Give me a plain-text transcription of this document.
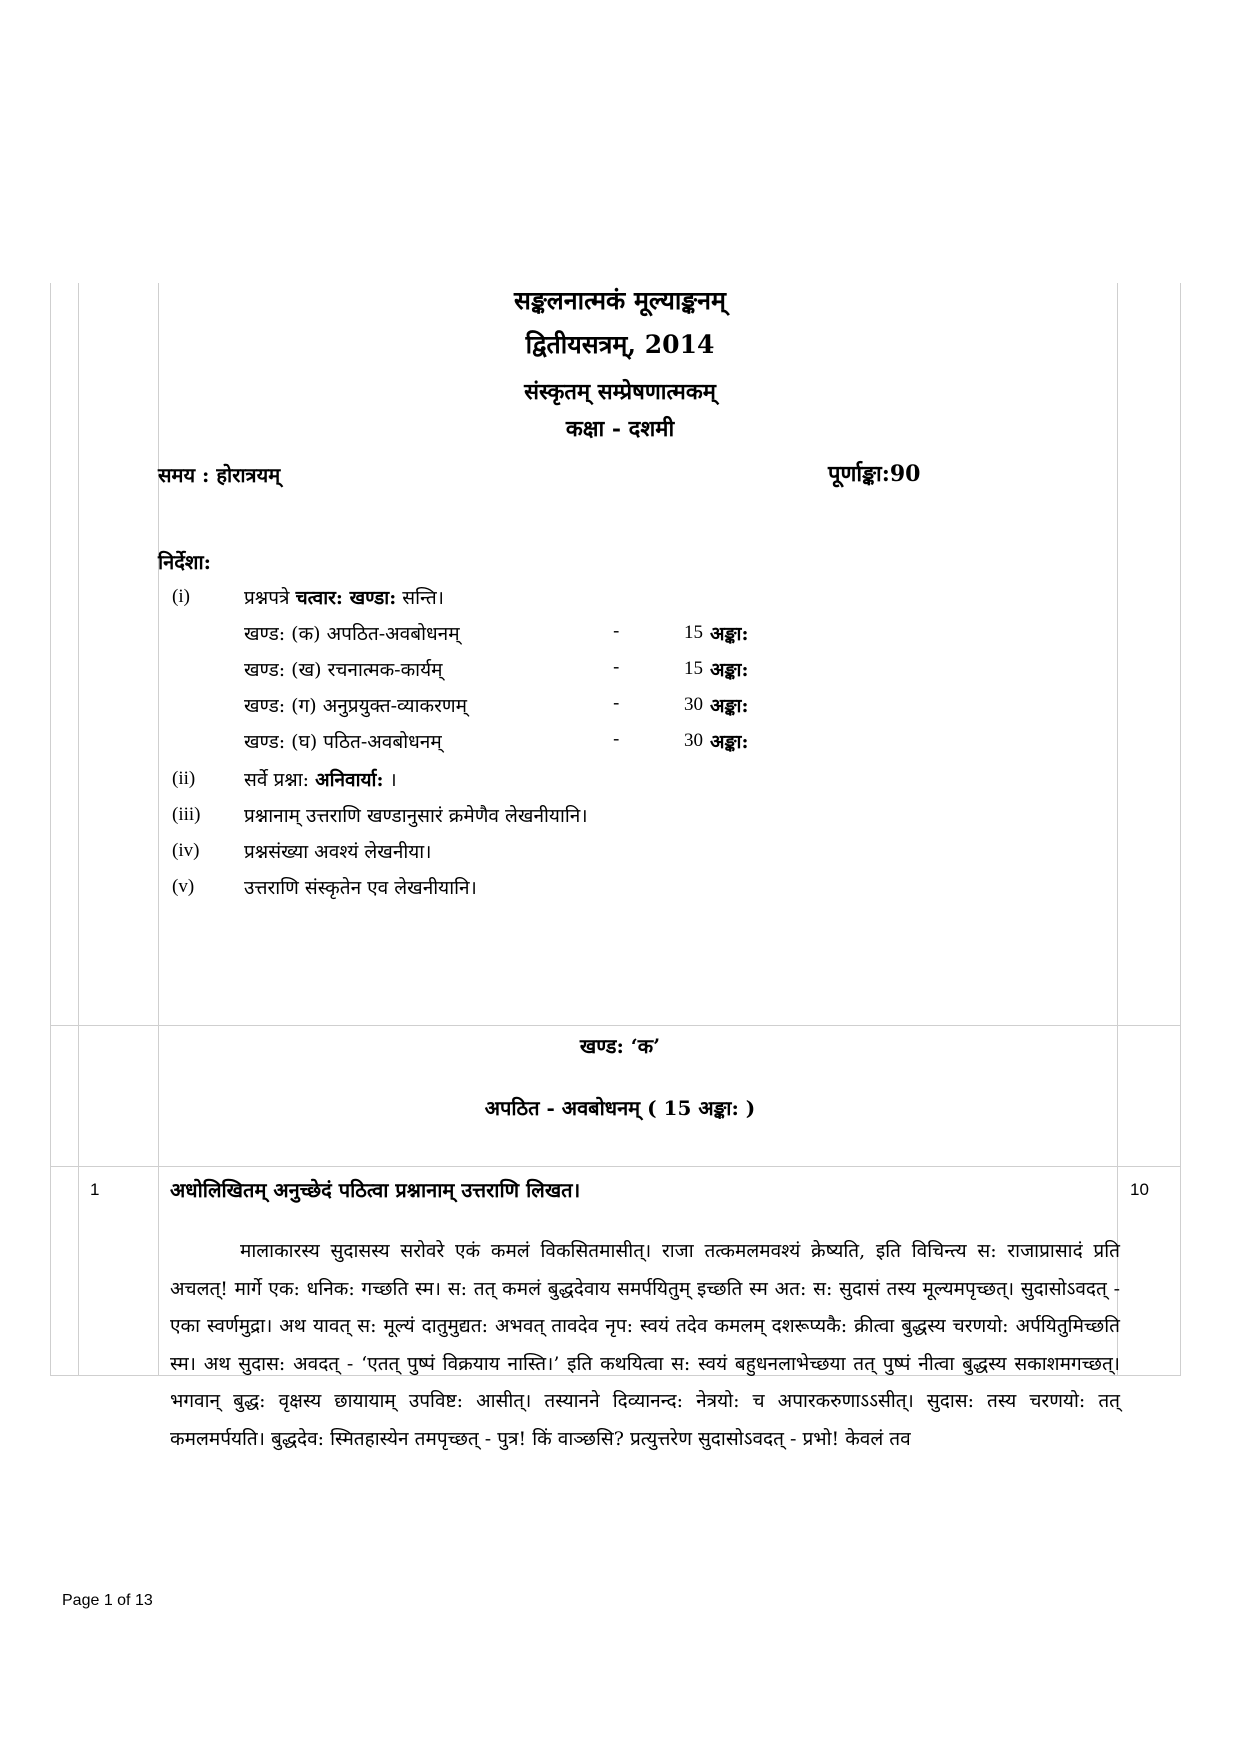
सङ्कलनात्मकं मूल्याङ्कनम्
द्वितीयसत्रम्, 2014
संस्कृतम् सम्प्रेषणात्मकम्
कक्षा - दशमी
समय : होरात्रयम्	पूर्णाङ्का:90
निर्देशा:
(i)	प्रश्नपत्रे चत्वार: खण्डा: सन्ति।
खण्ड: (क) अपठित-अवबोधनम्	-	15 अङ्का:
खण्ड: (ख) रचनात्मक-कार्यम्	-	15 अङ्का:
खण्ड: (ग) अनुप्रयुक्त-व्याकरणम्	-	30 अङ्का:
खण्ड: (घ) पठित-अवबोधनम्	-	30 अङ्का:
(ii)	सर्वे प्रश्ना: अनिवार्या: ।
(iii) प्रश्नानाम् उत्तराणि खण्डानुसारं क्रमेणैव लेखनीयानि।
(iv) प्रश्नसंख्या अवश्यं लेखनीया।
(v)	उत्तराणि संस्कृतेन एव लेखनीयानि।
खण्ड: ‘क’
अपठित - अवबोधनम् ( 15 अङ्का: )
1	अधोलिखितम् अनुच्छेदं पठित्वा प्रश्नानाम् उत्तराणि लिखत।	10

मालाकारस्य सुदासस्य सरोवरे एकं कमलं विकसितमासीत्। राजा तत्कमलमवश्यं क्रेष्यति, इति विचिन्त्य स: राजाप्रासादं प्रति अचलत्! मार्गे एक: धनिक: गच्छति स्म। स: तत् कमलं बुद्धदेवाय समर्पयितुम् इच्छति स्म अत: स: सुदासं तस्य मूल्यमपृच्छत्। सुदासोऽवदत् - एका स्वर्णमुद्रा। अथ यावत् स: मूल्यं दातुमुद्यत: अभवत् तावदेव नृप: स्वयं तदेव कमलम् दशरूप्यकै: क्रीत्वा बुद्धस्य चरणयो: अर्पयितुमिच्छति स्म। अथ सुदास: अवदत् - ‘एतत् पुष्पं विक्रयाय नास्ति।’ इति कथयित्वा स: स्वयं बहुधनलाभेच्छया तत् पुष्पं नीत्वा बुद्धस्य सकाशमगच्छत्। भगवान् बुद्ध: वृक्षस्य छायायाम् उपविष्ट: आसीत्। तस्यानने दिव्यानन्द: नेत्रयो: च अपारकरुणाऽऽसीत्। सुदास: तस्य चरणयो: तत् कमलमर्पयति। बुद्धदेव: स्मितहास्येन तमपृच्छत् - पुत्र! किं वाञ्छसि? प्रत्युत्तरेण सुदासोऽवदत् - प्रभो! केवलं तव

Page 1 of 13
